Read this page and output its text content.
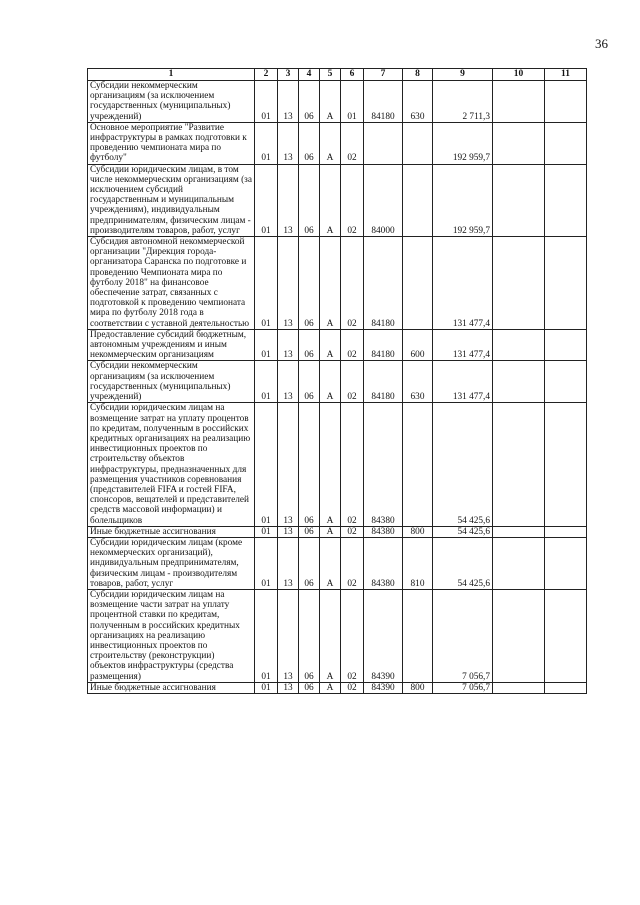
36
1	2	3	4	5	6	7	8	9	10	11
Субсидии некоммерческим организациям (за исключением государственных (муниципальных) учреждений)	01	13	06	А	01	84180	630	2 711,3		
Основное мероприятие "Развитие инфраструктуры в рамках подготовки к проведению чемпионата мира по футболу"	01	13	06	А	02			192 959,7		
Субсидии юридическим лицам, в том числе некоммерческим организациям (за исключением субсидий государственным и муниципальным учреждениям), индивидуальным предпринимателям, физическим лицам - производителям товаров, работ, услуг	01	13	06	А	02	84000		192 959,7		
Субсидия автономной некоммерческой организации "Дирекция города-организатора Саранска по подготовке и проведению Чемпионата мира по футболу 2018" на финансовое обеспечение затрат, связанных с подготовкой к проведению чемпионата мира по футболу 2018 года в соответствии с уставной деятельностью	01	13	06	А	02	84180		131 477,4		
Предоставление субсидий бюджетным, автономным учреждениям и иным некоммерческим организациям	01	13	06	А	02	84180	600	131 477,4		
Субсидии некоммерческим организациям (за исключением государственных (муниципальных) учреждений)	01	13	06	А	02	84180	630	131 477,4		
Субсидии юридическим лицам на возмещение затрат на уплату процентов по кредитам, полученным в российских кредитных организациях на реализацию инвестиционных проектов по строительству объектов инфраструктуры, предназначенных для размещения участников соревнования (представителей FIFA и гостей FIFA, спонсоров, вещателей и представителей средств массовой информации) и болельщиков	01	13	06	А	02	84380		54 425,6		
Иные бюджетные ассигнования	01	13	06	А	02	84380	800	54 425,6		
Субсидии юридическим лицам (кроме некоммерческих организаций), индивидуальным предпринимателям, физическим лицам - производителям товаров, работ, услуг	01	13	06	А	02	84380	810	54 425,6		
Субсидии юридическим лицам на возмещение части затрат на уплату процентной ставки по кредитам, полученным в российских кредитных организациях на реализацию инвестиционных проектов по строительству (реконструкции) объектов инфраструктуры (средства размещения)	01	13	06	А	02	84390		7 056,7		
Иные бюджетные ассигнования	01	13	06	А	02	84390	800	7 056,7		
